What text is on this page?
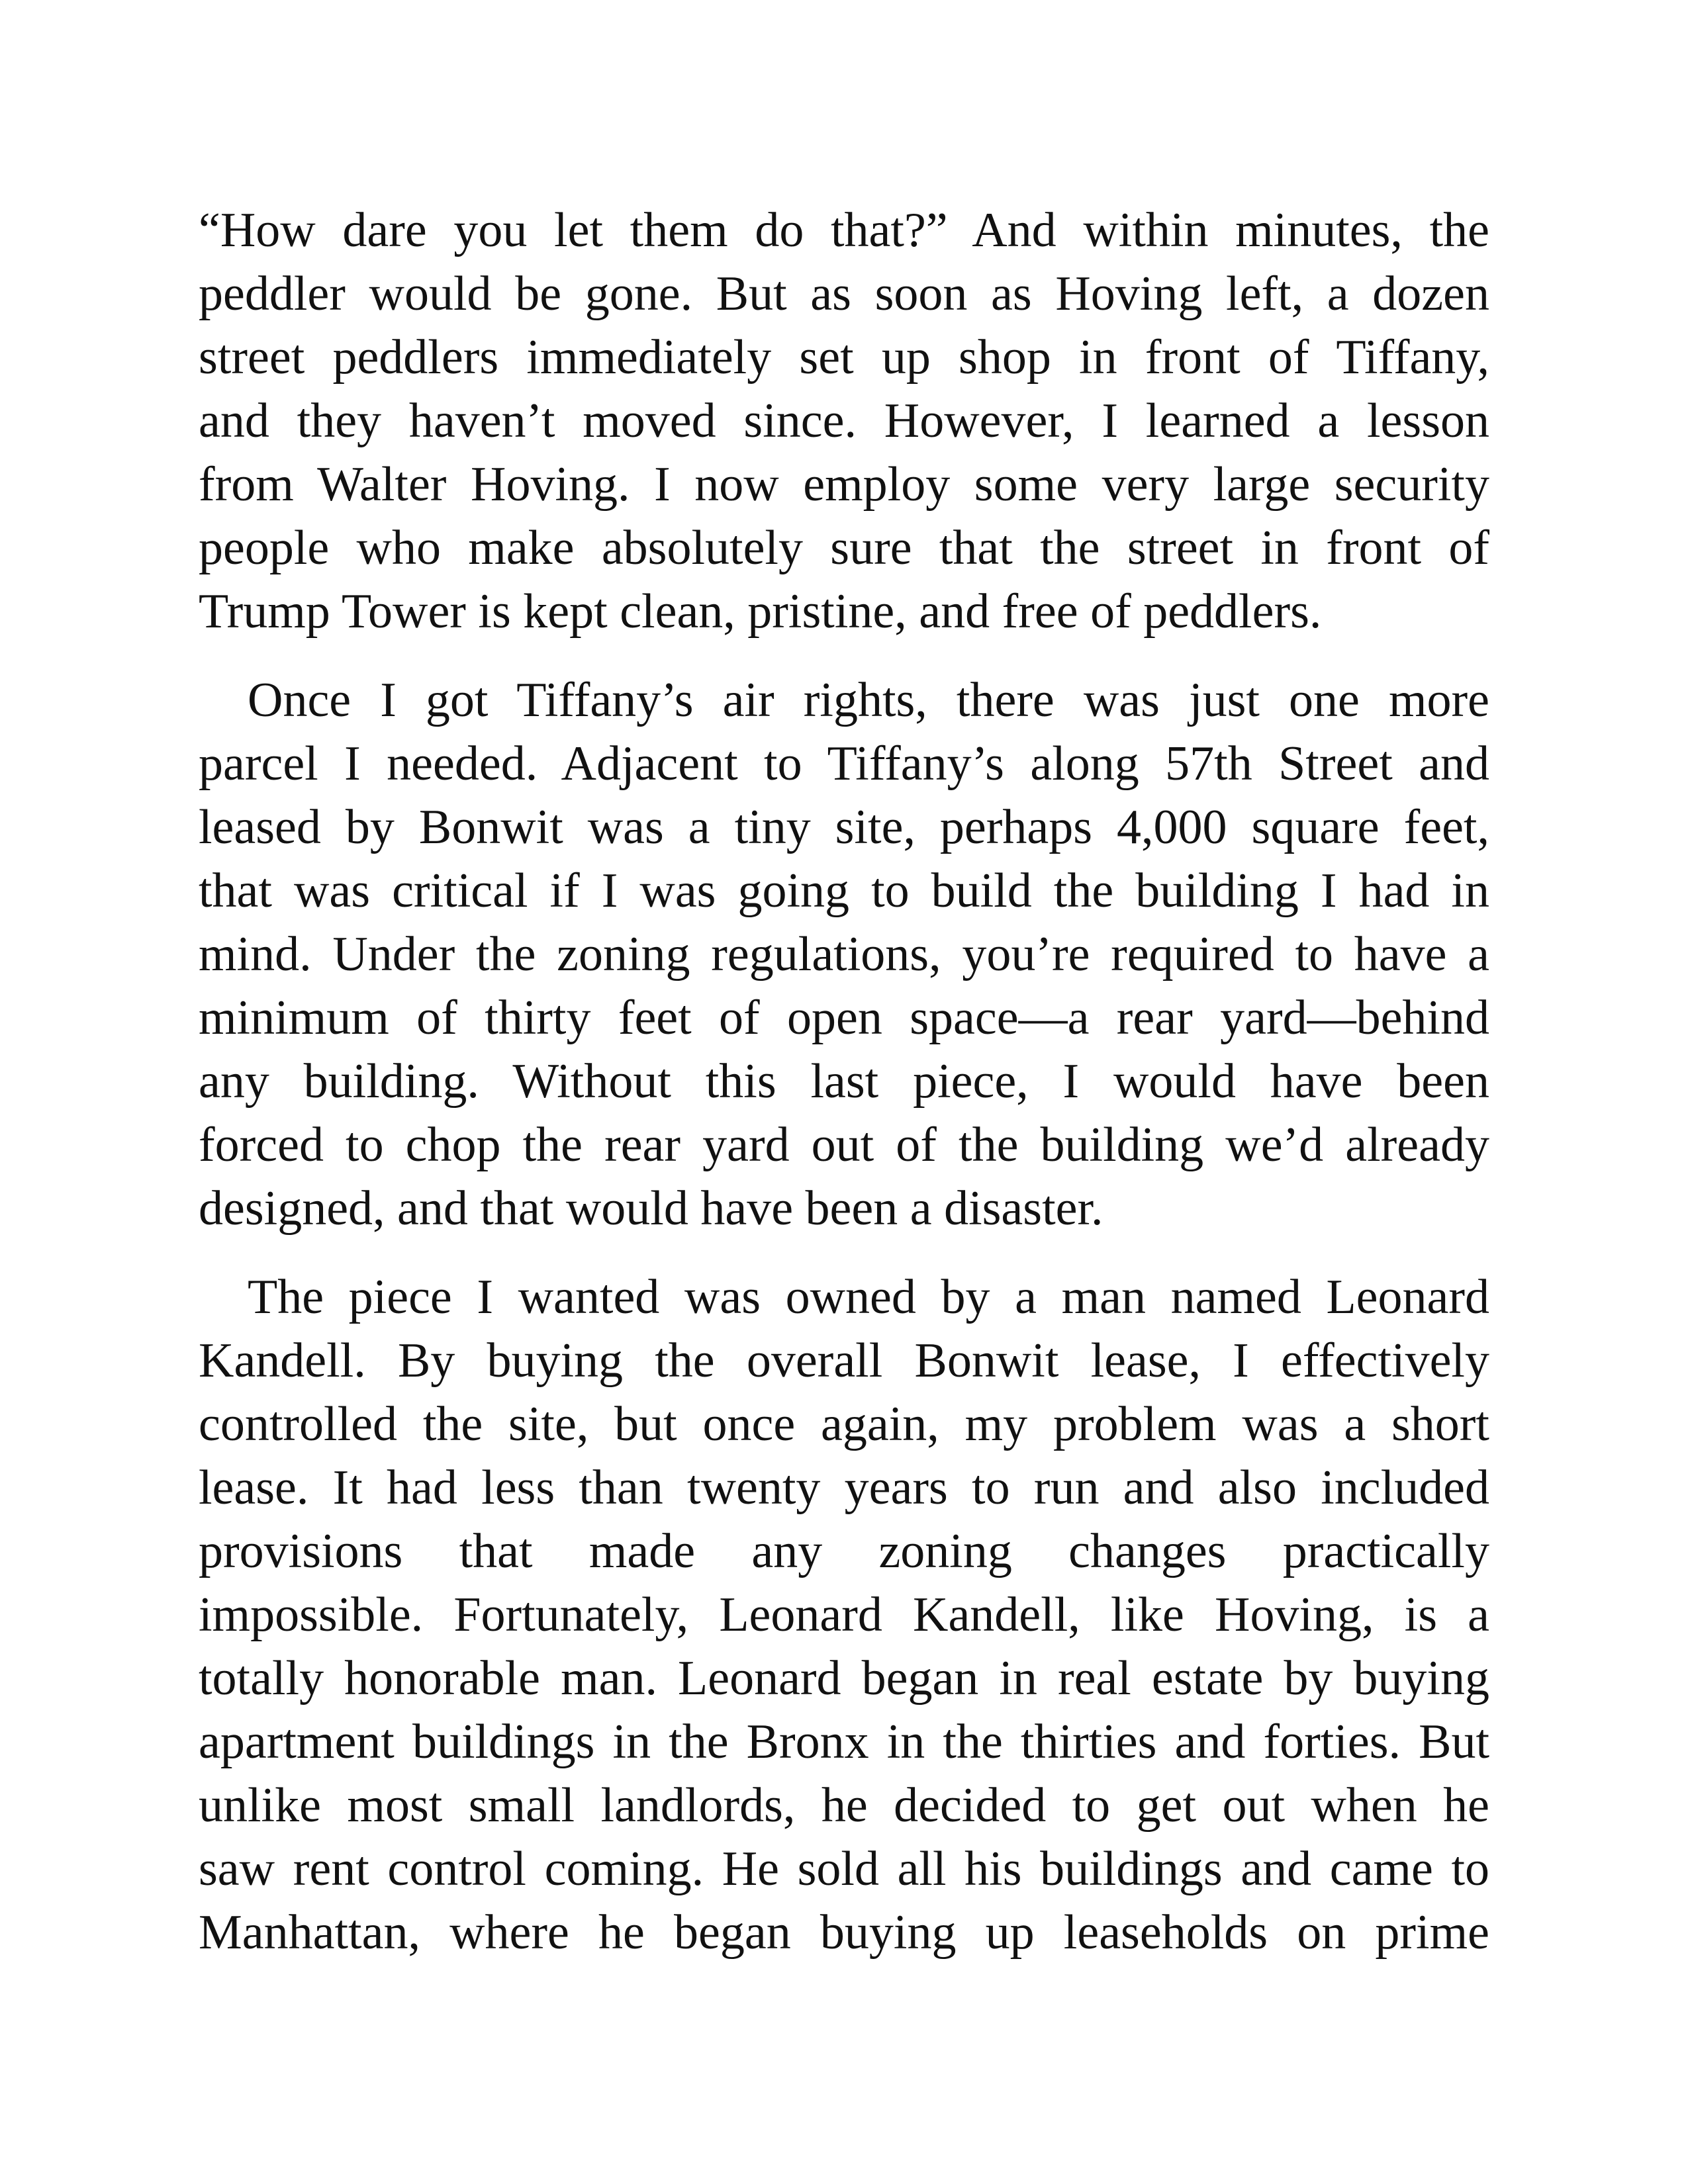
“How dare you let them do that?” And within minutes, the
peddler would be gone. But as soon as Hoving left, a dozen
street peddlers immediately set up shop in front of Tiffany,
and they haven’t moved since. However, I learned a lesson
from Walter Hoving. I now employ some very large security
people who make absolutely sure that the street in front of
Trump Tower is kept clean, pristine, and free of peddlers.
Once I got Tiffany’s air rights, there was just one more
parcel I needed. Adjacent to Tiffany’s along 57th Street and
leased by Bonwit was a tiny site, perhaps 4,000 square feet,
that was critical if I was going to build the building I had in
mind. Under the zoning regulations, you’re required to have a
minimum of thirty feet of open space—a rear yard—behind
any building. Without this last piece, I would have been
forced to chop the rear yard out of the building we’d already
designed, and that would have been a disaster.
The piece I wanted was owned by a man named Leonard
Kandell. By buying the overall Bonwit lease, I effectively
controlled the site, but once again, my problem was a short
lease. It had less than twenty years to run and also included
provisions that made any zoning changes practically
impossible. Fortunately, Leonard Kandell, like Hoving, is a
totally honorable man. Leonard began in real estate by buying
apartment buildings in the Bronx in the thirties and forties. But
unlike most small landlords, he decided to get out when he
saw rent control coming. He sold all his buildings and came to
Manhattan, where he began buying up leaseholds on prime
